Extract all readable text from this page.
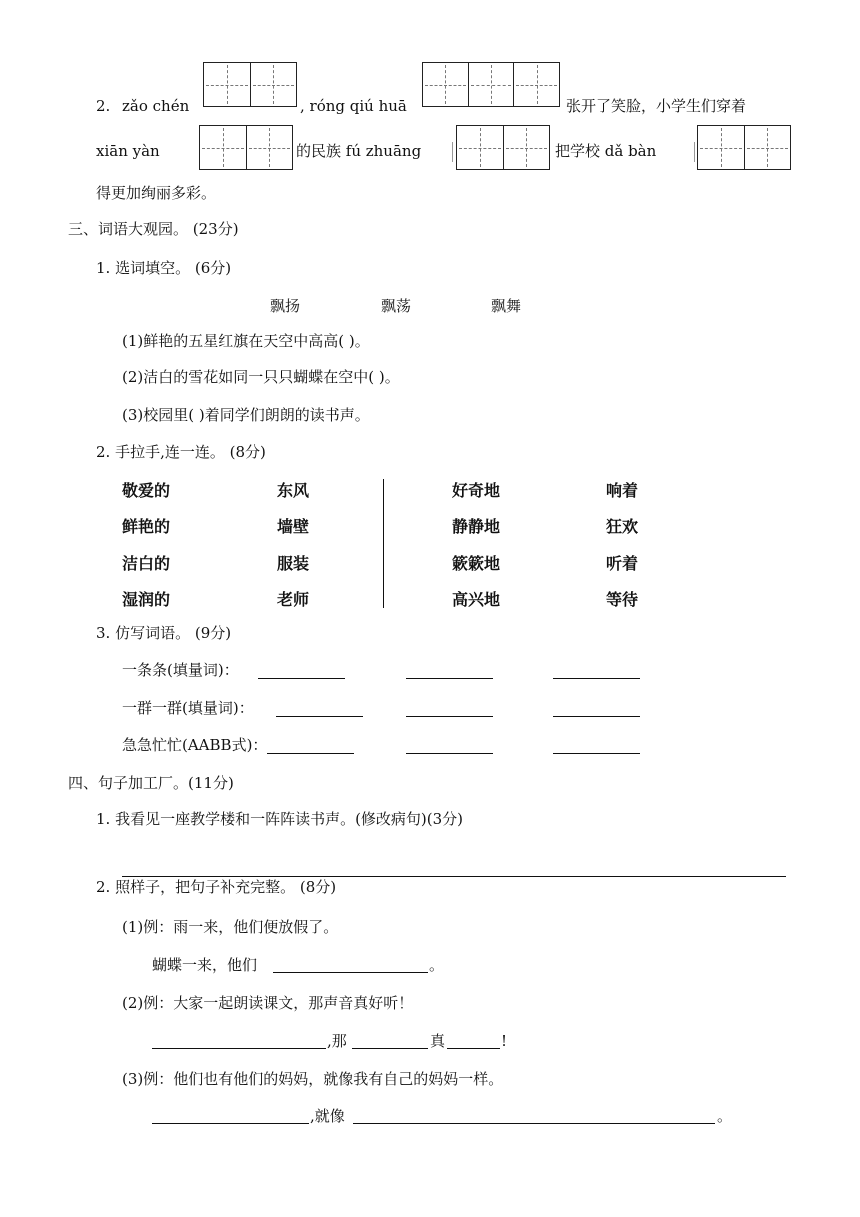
2. zǎo chén	, róng qiú huā	张开了笑脸，小学生们穿着
xiān yàn	的民族 fú zhuāng	把学校 dǎ bàn
得更加绚丽多彩。
三、词语大观园。 (23分)
1. 选词填空。 (6分)
飘扬	飘荡	飘舞
(1)鲜艳的五星红旗在天空中高高( )。
(2)洁白的雪花如同一只只蝴蝶在空中( )。
(3)校园里( )着同学们朗朗的读书声。
2. 手拉手,连一连。 (8分)
敬爱的	东风	好奇地	响着
鲜艳的	墙壁	静静地	狂欢
洁白的	服装	簌簌地	听着
湿润的	老师	高兴地	等待
3. 仿写词语。 (9分)
一条条(填量词)：
一群一群(填量词)：
急急忙忙(AABB式)：
四、句子加工厂。(11分)
1. 我看见一座教学楼和一阵阵读书声。(修改病句)(3分)
2. 照样子，把句子补充完整。 (8分)
(1)例：雨一来，他们便放假了。
蝴蝶一来，他们	。
(2)例：大家一起朗读课文，那声音真好听！
,那	真	!
(3)例：他们也有他们的妈妈，就像我有自己的妈妈一样。
,就像	。
